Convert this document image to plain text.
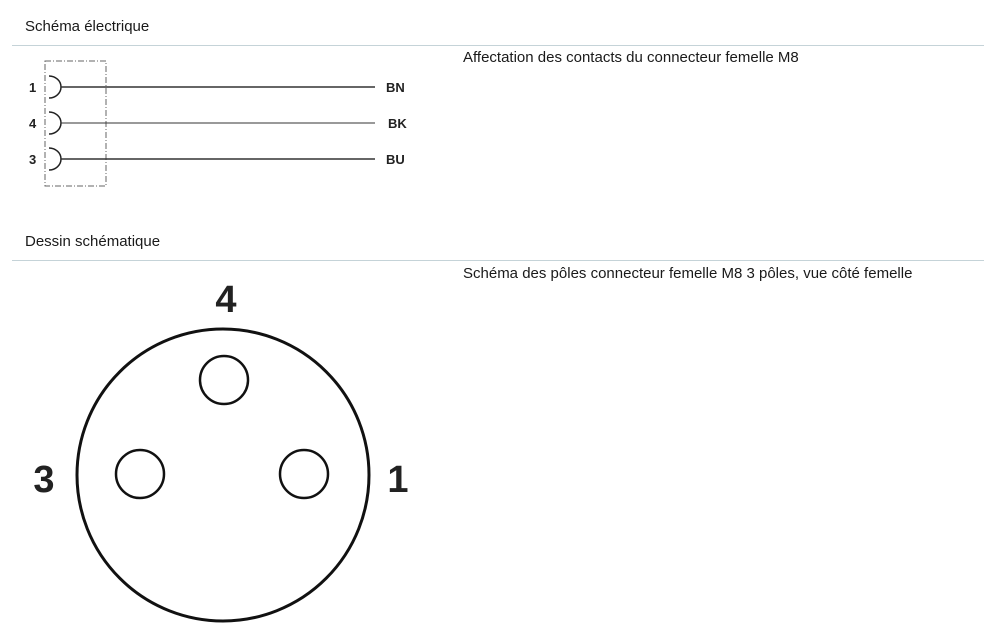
Schéma électrique
Affectation des contacts du connecteur femelle M8
Dessin schématique
Schéma des pôles connecteur femelle M8 3 pôles, vue côté femelle
1	BN
4	BK
3	BU
4
3	1
